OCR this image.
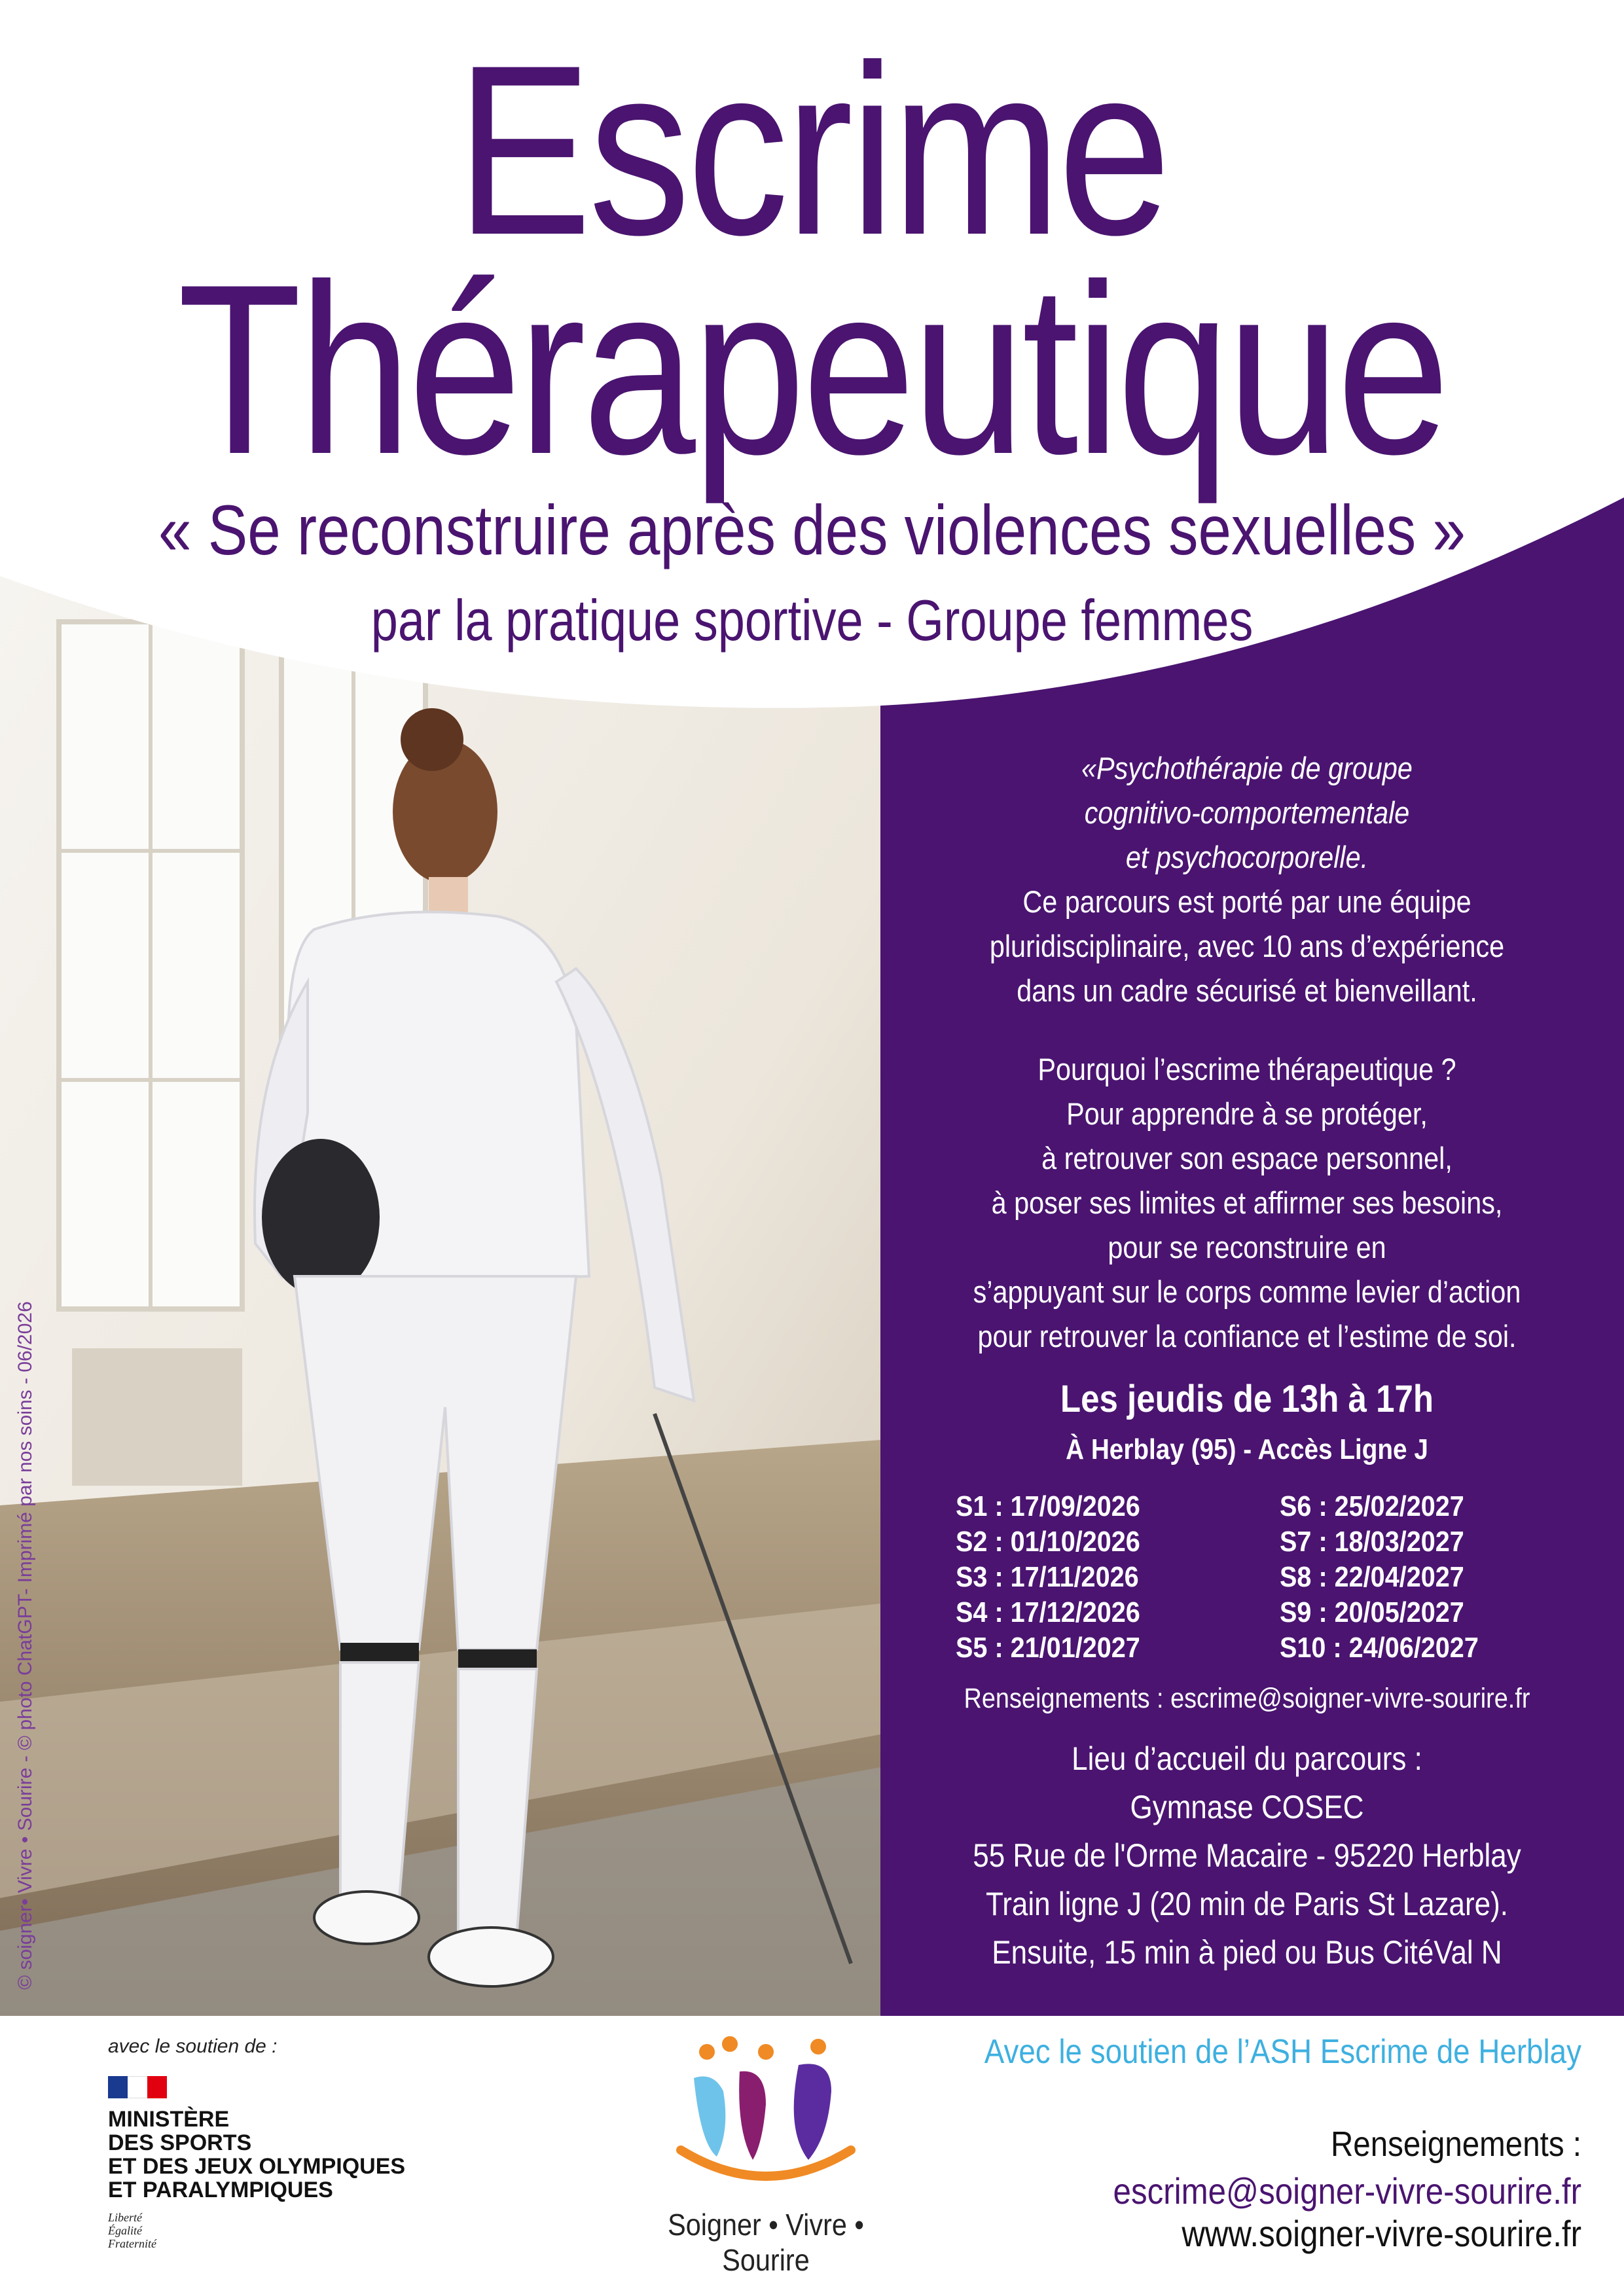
Escrime
Thérapeutique
« Se reconstruire après des violences sexuelles »
par la pratique sportive - Groupe femmes
«Psychothérapie de groupe
cognitivo-comportementale
et psychocorporelle.
Ce parcours est porté par une équipe
pluridisciplinaire, avec 10 ans d’expérience
dans un cadre sécurisé et bienveillant.
Pourquoi l’escrime thérapeutique ?
Pour apprendre à se protéger,
à retrouver son espace personnel,
à poser ses limites et affirmer ses besoins,
pour se reconstruire en
s’appuyant sur le corps comme levier d’action
pour retrouver la confiance et l’estime de soi.
Les jeudis de 13h à 17h
À Herblay (95) - Accès Ligne J
S1 : 17/09/2026
S2 : 01/10/2026
S3 : 17/11/2026
S4 : 17/12/2026
S5 : 21/01/2027
S6 : 25/02/2027
S7 : 18/03/2027
S8 : 22/04/2027
S9 : 20/05/2027
S10 : 24/06/2027
Renseignements : escrime@soigner-vivre-sourire.fr
Lieu d’accueil du parcours :
Gymnase COSEC
55 Rue de l'Orme Macaire - 95220 Herblay
Train ligne J (20 min de Paris St Lazare).
Ensuite, 15 min à pied ou Bus CitéVal N
© soigner• Vivre • Sourire - © photo ChatGPT- Imprimé par nos soins - 06/2026
avec le soutien de :
MINISTÈRE
DES SPORTS
ET DES JEUX OLYMPIQUES
ET PARALYMPIQUES
Liberté
Égalité
Fraternité
Soigner • Vivre • Sourire
Avec le soutien de l’ASH Escrime de Herblay
Renseignements :
escrime@soigner-vivre-sourire.fr
www.soigner-vivre-sourire.fr
